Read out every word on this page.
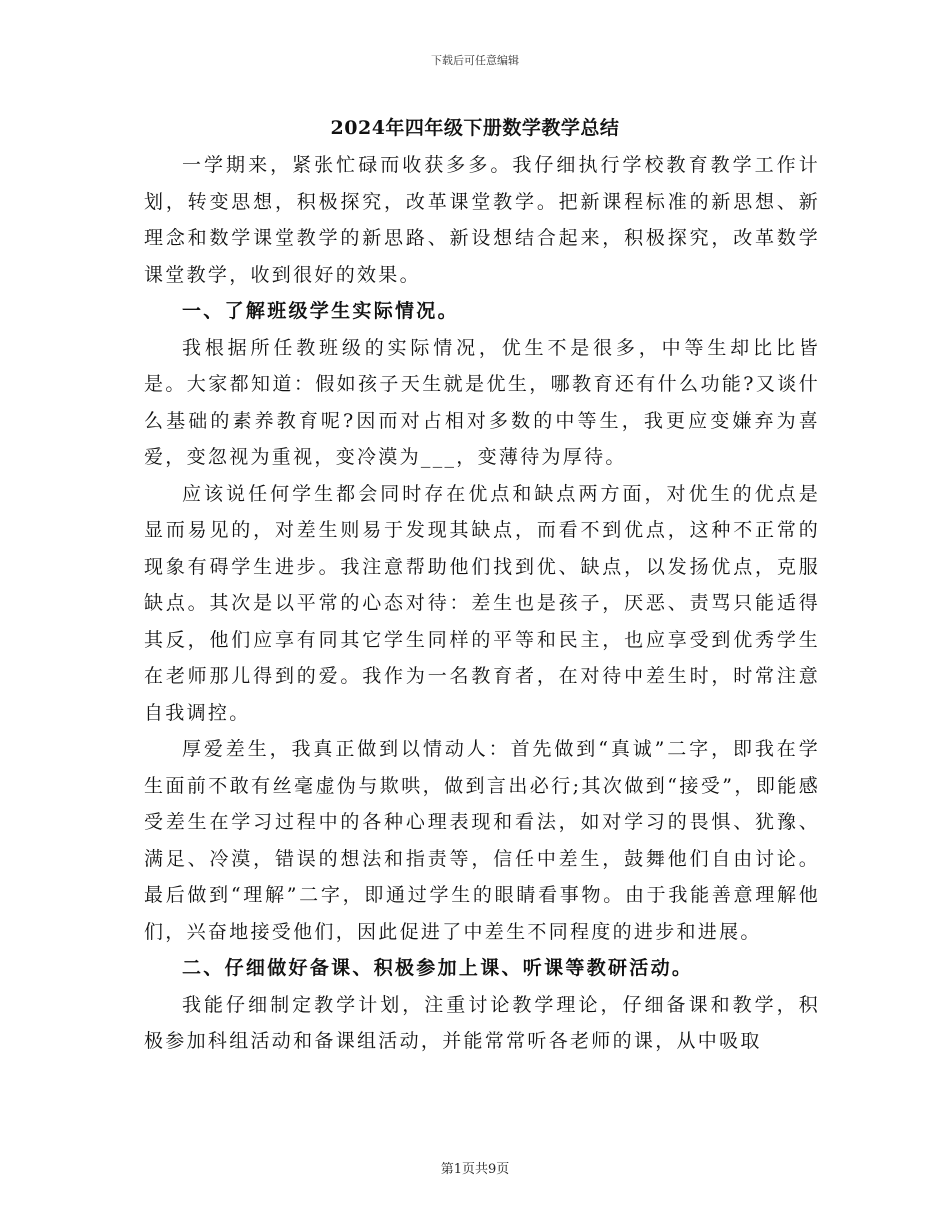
下载后可任意编辑
2024年四年级下册数学教学总结

一学期来，紧张忙碌而收获多多。我仔细执行学校教育教学工作计划，转变思想，积极探究，改革课堂教学。把新课程标准的新思想、新理念和数学课堂教学的新思路、新设想结合起来，积极探究，改革数学课堂教学，收到很好的效果。

一、了解班级学生实际情况。

我根据所任教班级的实际情况，优生不是很多，中等生却比比皆是。大家都知道：假如孩子天生就是优生，哪教育还有什么功能?又谈什么基础的素养教育呢?因而对占相对多数的中等生，我更应变嫌弃为喜爱，变忽视为重视，变冷漠为___，变薄待为厚待。

应该说任何学生都会同时存在优点和缺点两方面，对优生的优点是显而易见的，对差生则易于发现其缺点，而看不到优点，这种不正常的现象有碍学生进步。我注意帮助他们找到优、缺点，以发扬优点，克服缺点。其次是以平常的心态对待：差生也是孩子，厌恶、责骂只能适得其反，他们应享有同其它学生同样的平等和民主，也应享受到优秀学生在老师那儿得到的爱。我作为一名教育者，在对待中差生时，时常注意自我调控。

厚爱差生，我真正做到以情动人：首先做到“真诚”二字，即我在学生面前不敢有丝毫虚伪与欺哄，做到言出必行;其次做到“接受”，即能感受差生在学习过程中的各种心理表现和看法，如对学习的畏惧、犹豫、满足、冷漠，错误的想法和指责等，信任中差生，鼓舞他们自由讨论。最后做到“理解”二字，即通过学生的眼睛看事物。由于我能善意理解他们，兴奋地接受他们，因此促进了中差生不同程度的进步和进展。

二、仔细做好备课、积极参加上课、听课等教研活动。

我能仔细制定教学计划，注重讨论教学理论，仔细备课和教学，积极参加科组活动和备课组活动，并能常常听各老师的课，从中吸取

第1页共9页
